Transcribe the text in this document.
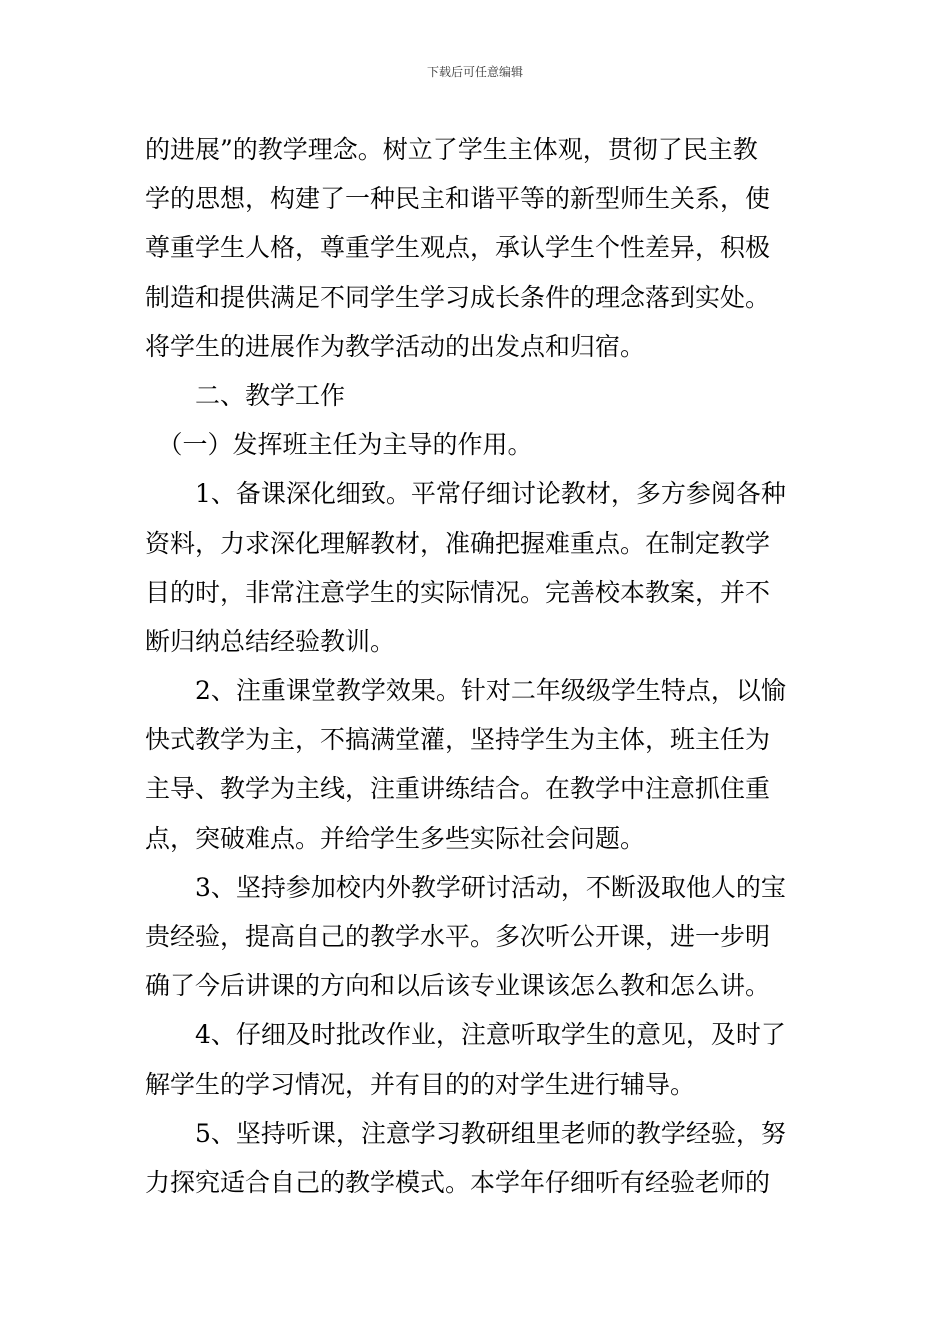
下载后可任意编辑
的进展”的教学理念。树立了学生主体观，贯彻了民主教
学的思想，构建了一种民主和谐平等的新型师生关系，使
尊重学生人格，尊重学生观点，承认学生个性差异，积极
制造和提供满足不同学生学习成长条件的理念落到实处。
将学生的进展作为教学活动的出发点和归宿。
　　二、教学工作
　（一）发挥班主任为主导的作用。
　　1、备课深化细致。平常仔细讨论教材，多方参阅各种
资料，力求深化理解教材，准确把握难重点。在制定教学
目的时，非常注意学生的实际情况。完善校本教案，并不
断归纳总结经验教训。
　　2、注重课堂教学效果。针对二年级级学生特点，以愉
快式教学为主，不搞满堂灌，坚持学生为主体，班主任为
主导、教学为主线，注重讲练结合。在教学中注意抓住重
点，突破难点。并给学生多些实际社会问题。
　　3、坚持参加校内外教学研讨活动，不断汲取他人的宝
贵经验，提高自己的教学水平。多次听公开课，进一步明
确了今后讲课的方向和以后该专业课该怎么教和怎么讲。
　　4、仔细及时批改作业，注意听取学生的意见，及时了
解学生的学习情况，并有目的的对学生进行辅导。
　　5、坚持听课，注意学习教研组里老师的教学经验，努
力探究适合自己的教学模式。本学年仔细听有经验老师的
